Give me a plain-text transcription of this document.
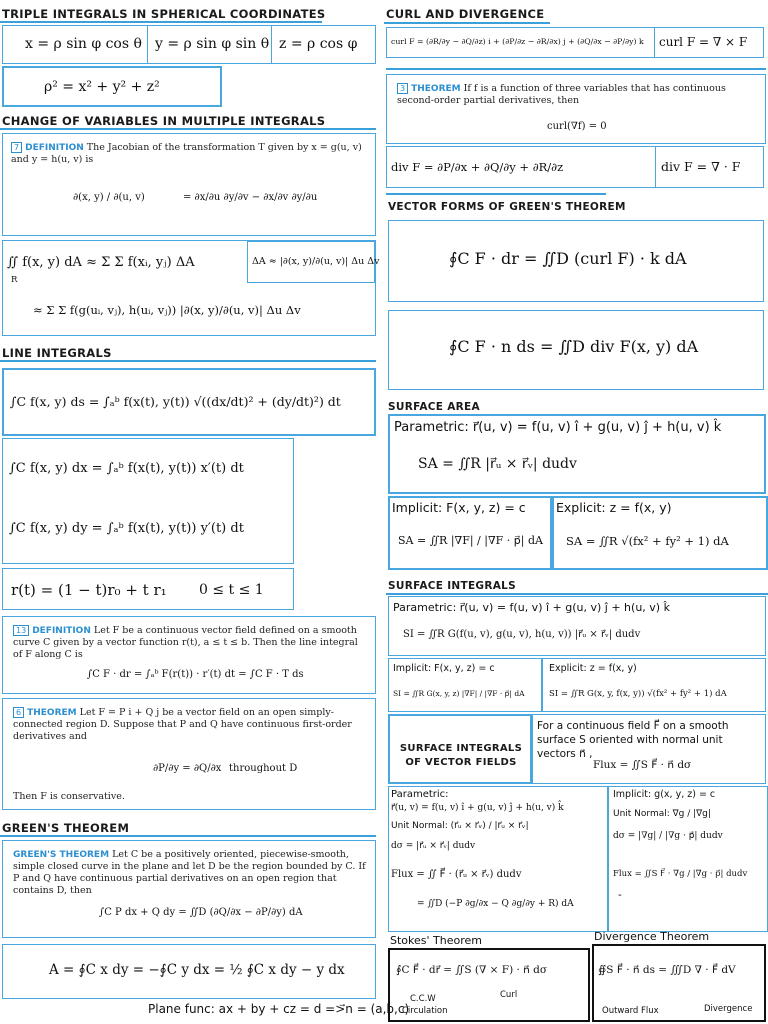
TRIPLE INTEGRALS IN SPHERICAL COORDINATES
x = ρ sin φ cos θ y = ρ sin φ sin θ z = ρ cos φ
ρ² = x² + y² + z²
CHANGE OF VARIABLES IN MULTIPLE INTEGRALS
7 DEFINITION The Jacobian of the transformation T given by x = g(u, v) and y = h(u, v) is
∂(x, y) / ∂(u, v)	= ∂x/∂u ∂y/∂v − ∂x/∂v ∂y/∂u
∬ f(x, y) dA ≈ Σ Σ f(xᵢ, yⱼ) ΔA
R
ΔA ≈ |∂(x, y)/∂(u, v)| Δu Δv
≈ Σ Σ f(g(uᵢ, vⱼ), h(uᵢ, vⱼ)) |∂(x, y)/∂(u, v)| Δu Δv
LINE INTEGRALS
∫C f(x, y) ds = ∫ₐᵇ f(x(t), y(t)) √((dx/dt)² + (dy/dt)²) dt
∫C f(x, y) dx = ∫ₐᵇ f(x(t), y(t)) x′(t) dt
∫C f(x, y) dy = ∫ₐᵇ f(x(t), y(t)) y′(t) dt
r(t) = (1 − t)r₀ + t r₁ 0 ≤ t ≤ 1
13 DEFINITION Let F be a continuous vector field defined on a smooth curve C given by a vector function r(t), a ≤ t ≤ b. Then the line integral of F along C is
∫C F · dr = ∫ₐᵇ F(r(t)) · r′(t) dt = ∫C F · T ds
6 THEOREM Let F = P i + Q j be a vector field on an open simply-connected region D. Suppose that P and Q have continuous first-order derivatives and
∂P/∂y = ∂Q/∂x throughout D
Then F is conservative.
GREEN'S THEOREM
GREEN'S THEOREM Let C be a positively oriented, piecewise-smooth, simple closed curve in the plane and let D be the region bounded by C. If P and Q have continuous partial derivatives on an open region that contains D, then
∫C P dx + Q dy = ∬D (∂Q/∂x − ∂P/∂y) dA
A = ∮C x dy = −∮C y dx = ½ ∮C x dy − y dx
CURL AND DIVERGENCE
curl F = (∂R/∂y − ∂Q/∂z) i + (∂P/∂z − ∂R/∂x) j + (∂Q/∂x − ∂P/∂y) k curl F = ∇ × F
3 THEOREM If f is a function of three variables that has continuous second-order partial derivatives, then
curl(∇f) = 0
div F = ∂P/∂x + ∂Q/∂y + ∂R/∂z	div F = ∇ · F
VECTOR FORMS OF GREEN'S THEOREM
∮C F · dr = ∬D (curl F) · k dA
∮C F · n ds = ∬D div F(x, y) dA
SURFACE AREA
Parametric: r⃗(u, v) = f(u, v) î + g(u, v) ĵ + h(u, v) k̂
SA = ∬R |r⃗ᵤ × r⃗ᵥ| dudv
Implicit: F(x, y, z) = c
SA = ∬R |∇F| / |∇F · p⃗| dA
Explicit: z = f(x, y)
SA = ∬R √(fx² + fy² + 1) dA
SURFACE INTEGRALS
Parametric: r⃗(u, v) = f(u, v) î + g(u, v) ĵ + h(u, v) k̂
SI = ∬R G(f(u, v), g(u, v), h(u, v)) |r⃗ᵤ × r⃗ᵥ| dudv
Implicit: F(x, y, z) = c
SI = ∬R G(x, y, z) |∇F| / |∇F · p⃗| dA
Explicit: z = f(x, y)
SI = ∬R G(x, y, f(x, y)) √(fx² + fy² + 1) dA
SURFACE INTEGRALS OF VECTOR FIELDS
For a continuous field F⃗ on a smooth surface S oriented with normal unit vectors n⃗ ,
Flux = ∬S F⃗ · n⃗ dσ
Parametric:
r⃗(u, v) = f(u, v) î + g(u, v) ĵ + h(u, v) k̂
Unit Normal: (r⃗ᵤ × r⃗ᵥ) / |r⃗ᵤ × r⃗ᵥ|
dσ = |r⃗ᵤ × r⃗ᵥ| dudv
Flux = ∬ F⃗ · (r⃗ᵤ × r⃗ᵥ) dudv
= ∬D (−P ∂g/∂x − Q ∂g/∂y + R) dA
Implicit: g(x, y, z) = c
Unit Normal: ∇g / |∇g|
dσ = |∇g| / |∇g · p⃗| dudv
Flux = ∬S F⃗ · ∇g / |∇g · p⃗| dudv
-
Stokes' Theorem
∮C F⃗ · dr⃗ = ∬S (∇ × F) · n⃗ dσ
C.C.W
Circulation
Curl
Divergence Theorem
∯S F⃗ · n⃗ ds = ∭D ∇ · F⃗ dV
Outward Flux	Divergence
Plane func: ax + by + cz = d =>⃗n = (a,b,c)
